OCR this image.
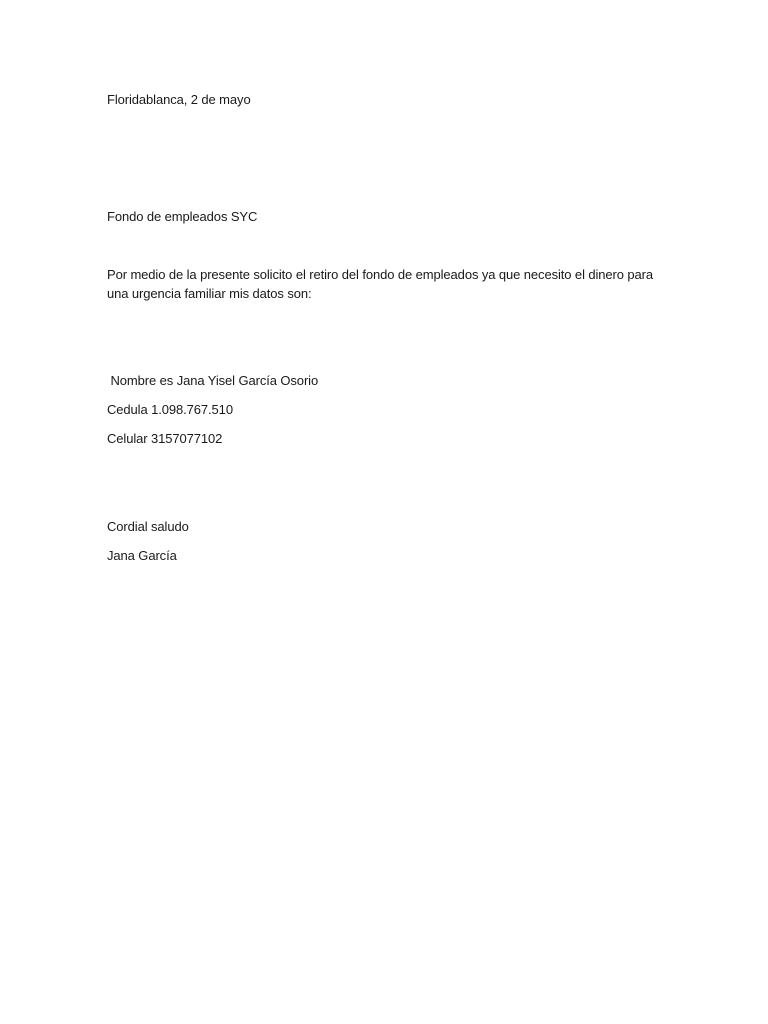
Floridablanca, 2 de mayo

Fondo de empleados SYC

Por medio de la presente solicito el retiro del fondo de empleados ya que necesito el dinero para
una urgencia familiar mis datos son:

Nombre es Jana Yisel García Osorio

Cedula 1.098.767.510

Celular 3157077102

Cordial saludo

Jana García
